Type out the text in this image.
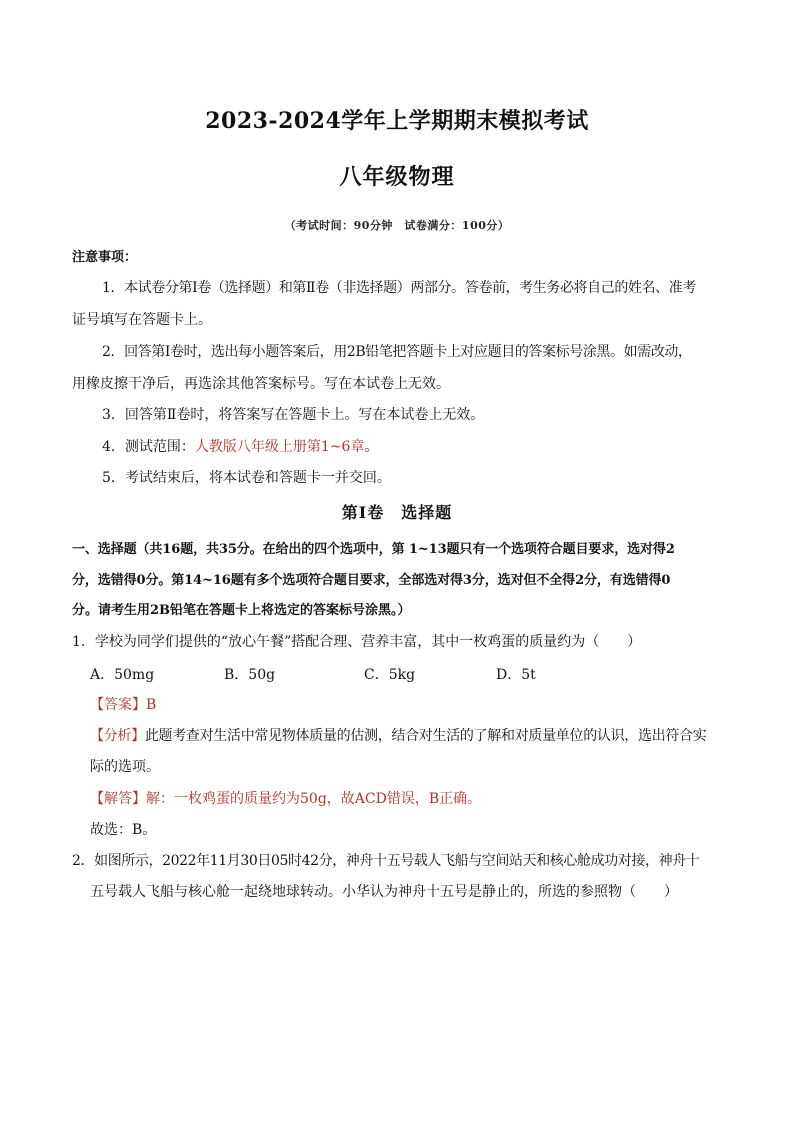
2023-2024学年上学期期末模拟考试
八年级物理
（考试时间：90分钟　试卷满分：100分）
注意事项：
1．本试卷分第Ⅰ卷（选择题）和第Ⅱ卷（非选择题）两部分。答卷前，考生务必将自己的姓名、准考
证号填写在答题卡上。
2．回答第Ⅰ卷时，选出每小题答案后，用2B铅笔把答题卡上对应题目的答案标号涂黑。如需改动，
用橡皮擦干净后，再选涂其他答案标号。写在本试卷上无效。
3．回答第Ⅱ卷时，将答案写在答题卡上。写在本试卷上无效。
4．测试范围：人教版八年级上册第1~6章。
5．考试结束后，将本试卷和答题卡一并交回。
第Ⅰ卷　选择题
一、选择题（共16题，共35分。在给出的四个选项中，第 1~13题只有一个选项符合题目要求，选对得2
分，选错得0分。第14~16题有多个选项符合题目要求，全部选对得3分，选对但不全得2分，有选错得0
分。请考生用2B铅笔在答题卡上将选定的答案标号涂黑。）
1．学校为同学们提供的“放心午餐”搭配合理、营养丰富，其中一枚鸡蛋的质量约为（　　）
A．50mg	B．50g	C．5kg	D．5t
【答案】B
【分析】此题考查对生活中常见物体质量的估测，结合对生活的了解和对质量单位的认识，选出符合实
际的选项。
【解答】解：一枚鸡蛋的质量约为50g，故ACD错误，B正确。
故选：B。
2．如图所示，2022年11月30日05时42分，神舟十五号载人飞船与空间站天和核心舱成功对接，神舟十
五号载人飞船与核心舱一起绕地球转动。小华认为神舟十五号是静止的，所选的参照物（　　）
